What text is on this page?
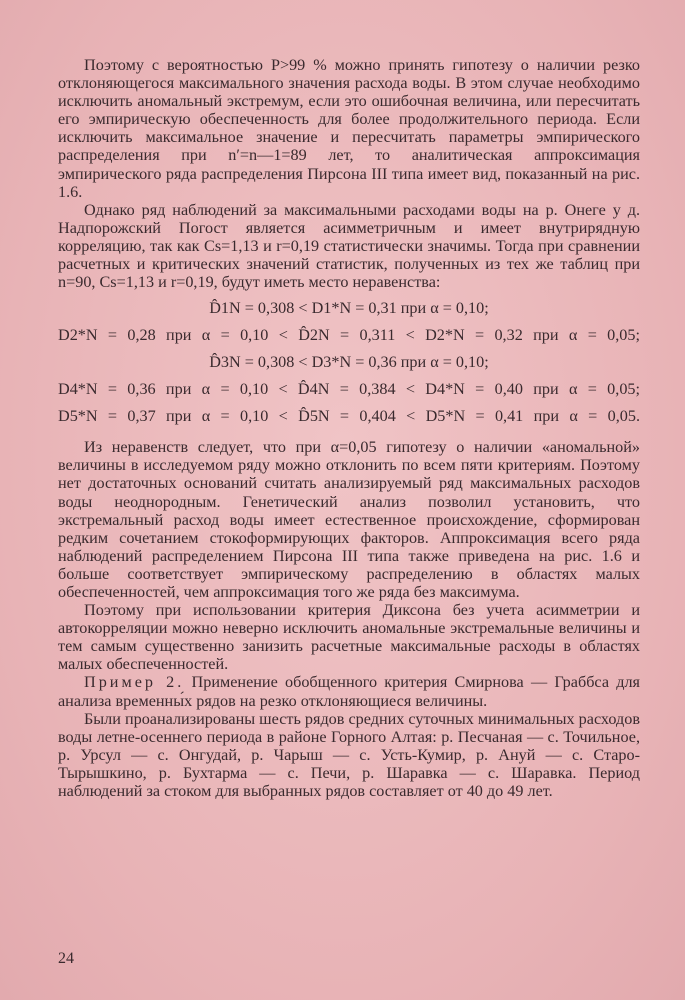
Поэтому с вероятностью P>99 % можно принять гипотезу о наличии резко отклоняющегося максимального значения расхода воды. В этом случае необходимо исключить аномальный экстремум, если это ошибочная величина, или пересчитать его эмпирическую обеспеченность для более продолжительного периода. Если исключить максимальное значение и пересчитать параметры эмпирического распределения при n′=n—1=89 лет, то аналитическая аппроксимация эмпирического ряда распределения Пирсона III типа имеет вид, показанный на рис. 1.6.

Однако ряд наблюдений за максимальными расходами воды на р. Онеге у д. Надпорожский Погост является асимметричным и имеет внутрирядную корреляцию, так как Cs=1,13 и r=0,19 статистически значимы. Тогда при сравнении расчетных и критических значений статистик, полученных из тех же таблиц при n=90, Cs=1,13 и r=0,19, будут иметь место неравенства:

D̂1N = 0,308 < D1*N = 0,31 при α = 0,10;
D2*N = 0,28 при α = 0,10 < D̂2N = 0,311 < D2*N = 0,32 при α = 0,05;
D̂3N = 0,308 < D3*N = 0,36 при α = 0,10;
D4*N = 0,36 при α = 0,10 < D̂4N = 0,384 < D4*N = 0,40 при α = 0,05;
D5*N = 0,37 при α = 0,10 < D̂5N = 0,404 < D5*N = 0,41 при α = 0,05.

Из неравенств следует, что при α=0,05 гипотезу о наличии «аномальной» величины в исследуемом ряду можно отклонить по всем пяти критериям. Поэтому нет достаточных оснований считать анализируемый ряд максимальных расходов воды неоднородным. Генетический анализ позволил установить, что экстремальный расход воды имеет естественное происхождение, сформирован редким сочетанием стокоформирующих факторов. Аппроксимация всего ряда наблюдений распределением Пирсона III типа также приведена на рис. 1.6 и больше соответствует эмпирическому распределению в областях малых обеспеченностей, чем аппроксимация того же ряда без максимума.

Поэтому при использовании критерия Диксона без учета асимметрии и автокорреляции можно неверно исключить аномальные экстремальные величины и тем самым существенно занизить расчетные максимальные расходы в областях малых обеспеченностей.

Пример 2. Применение обобщенного критерия Смирнова — Граббса для анализа временны́х рядов на резко отклоняющиеся величины.

Были проанализированы шесть рядов средних суточных минимальных расходов воды летне-осеннего периода в районе Горного Алтая: р. Песчаная — с. Точильное, р. Урсул — с. Онгудай, р. Чарыш — с. Усть-Кумир, р. Ануй — с. Старо-Тырышкино, р. Бухтарма — с. Печи, р. Шаравка — с. Шаравка. Период наблюдений за стоком для выбранных рядов составляет от 40 до 49 лет.

24
